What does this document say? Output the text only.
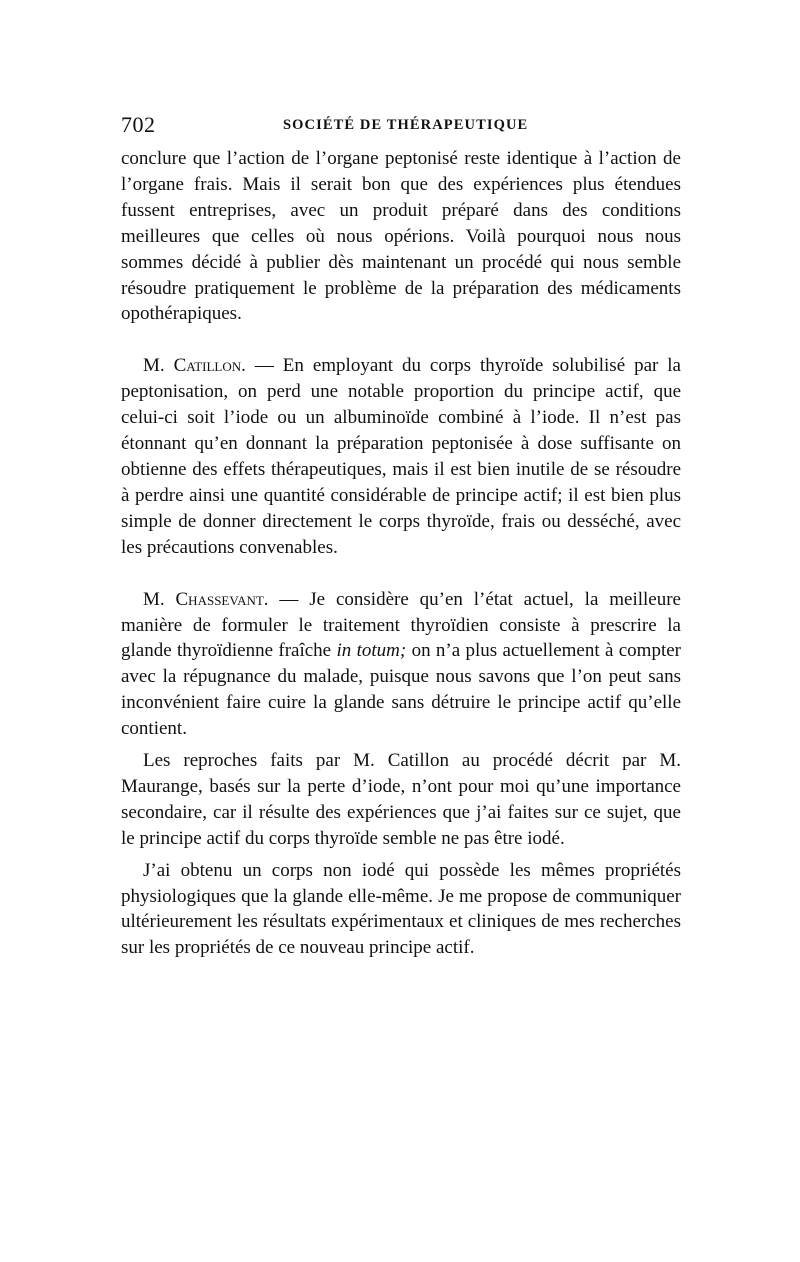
702	SOCIÉTÉ DE THÉRAPEUTIQUE

conclure que l’action de l’organe peptonisé reste identique à l’action de l’organe frais. Mais il serait bon que des expériences plus étendues fussent entreprises, avec un produit préparé dans des conditions meilleures que celles où nous opérions. Voilà pourquoi nous nous sommes décidé à publier dès maintenant un procédé qui nous semble résoudre pratiquement le problème de la préparation des médicaments opothérapiques.

M. Catillon. — En employant du corps thyroïde solubilisé par la peptonisation, on perd une notable proportion du principe actif, que celui-ci soit l’iode ou un albuminoïde combiné à l’iode. Il n’est pas étonnant qu’en donnant la préparation peptonisée à dose suffisante on obtienne des effets thérapeutiques, mais il est bien inutile de se résoudre à perdre ainsi une quantité considérable de principe actif; il est bien plus simple de donner directement le corps thyroïde, frais ou desséché, avec les précautions convenables.

M. Chassevant. — Je considère qu’en l’état actuel, la meilleure manière de formuler le traitement thyroïdien consiste à prescrire la glande thyroïdienne fraîche in totum; on n’a plus actuellement à compter avec la répugnance du malade, puisque nous savons que l’on peut sans inconvénient faire cuire la glande sans détruire le principe actif qu’elle contient.

Les reproches faits par M. Catillon au procédé décrit par M. Maurange, basés sur la perte d’iode, n’ont pour moi qu’une importance secondaire, car il résulte des expériences que j’ai faites sur ce sujet, que le principe actif du corps thyroïde semble ne pas être iodé.

J’ai obtenu un corps non iodé qui possède les mêmes propriétés physiologiques que la glande elle-même. Je me propose de communiquer ultérieurement les résultats expérimentaux et cliniques de mes recherches sur les propriétés de ce nouveau principe actif.
